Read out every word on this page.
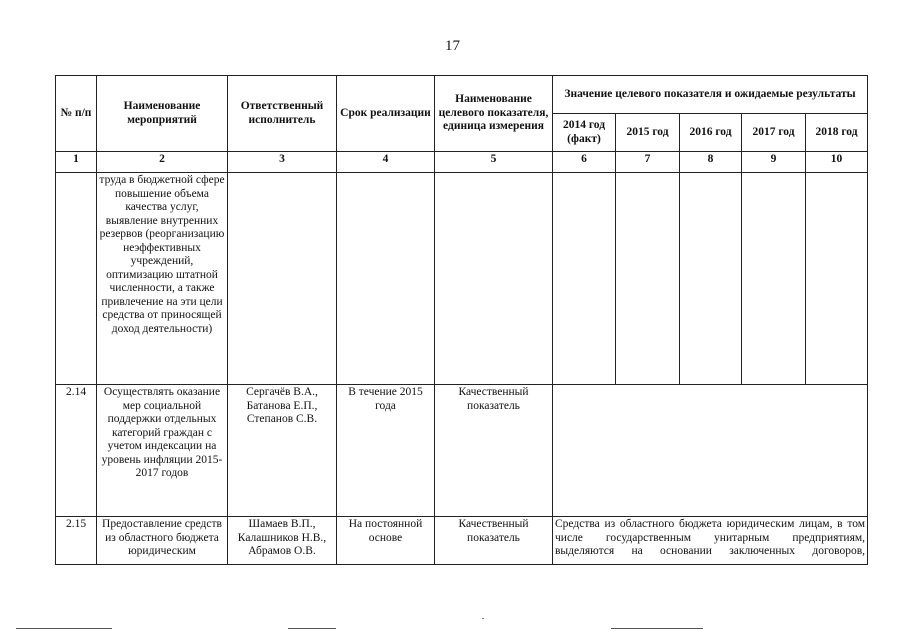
17
№ п/п	Наименование мероприятий	Ответственный исполнитель	Срок реализации	Наименование целевого показателя, единица измерения	Значение целевого показателя и ожидаемые результаты				
					2014 год (факт)	2015 год	2016 год	2017 год	2018 год
1	2	3	4	5	6	7	8	9	10
	труда в бюджетной сфере повышение объема качества услуг, выявление внутренних резервов (реорганизацию неэффективных учреждений, оптимизацию штатной численности, а также привлечение на эти цели средства от приносящей доход деятельности)								
2.14	Осуществлять оказание мер социальной поддержки отдельных категорий граждан с учетом индексации на уровень инфляции 2015-2017 годов	Сергачёв В.А., Батанова Е.П., Степанов С.В.	В течение 2015 года	Качественный показатель					
2.15	Предоставление средств из областного бюджета юридическим	Шамаев В.П., Калашников Н.В., Абрамов О.В.	На постоянной основе	Качественный показатель	Средства из областного бюджета юридическим лицам, в том числе государственным унитарным предприятиям, выделяются на основании заключенных договоров,				
